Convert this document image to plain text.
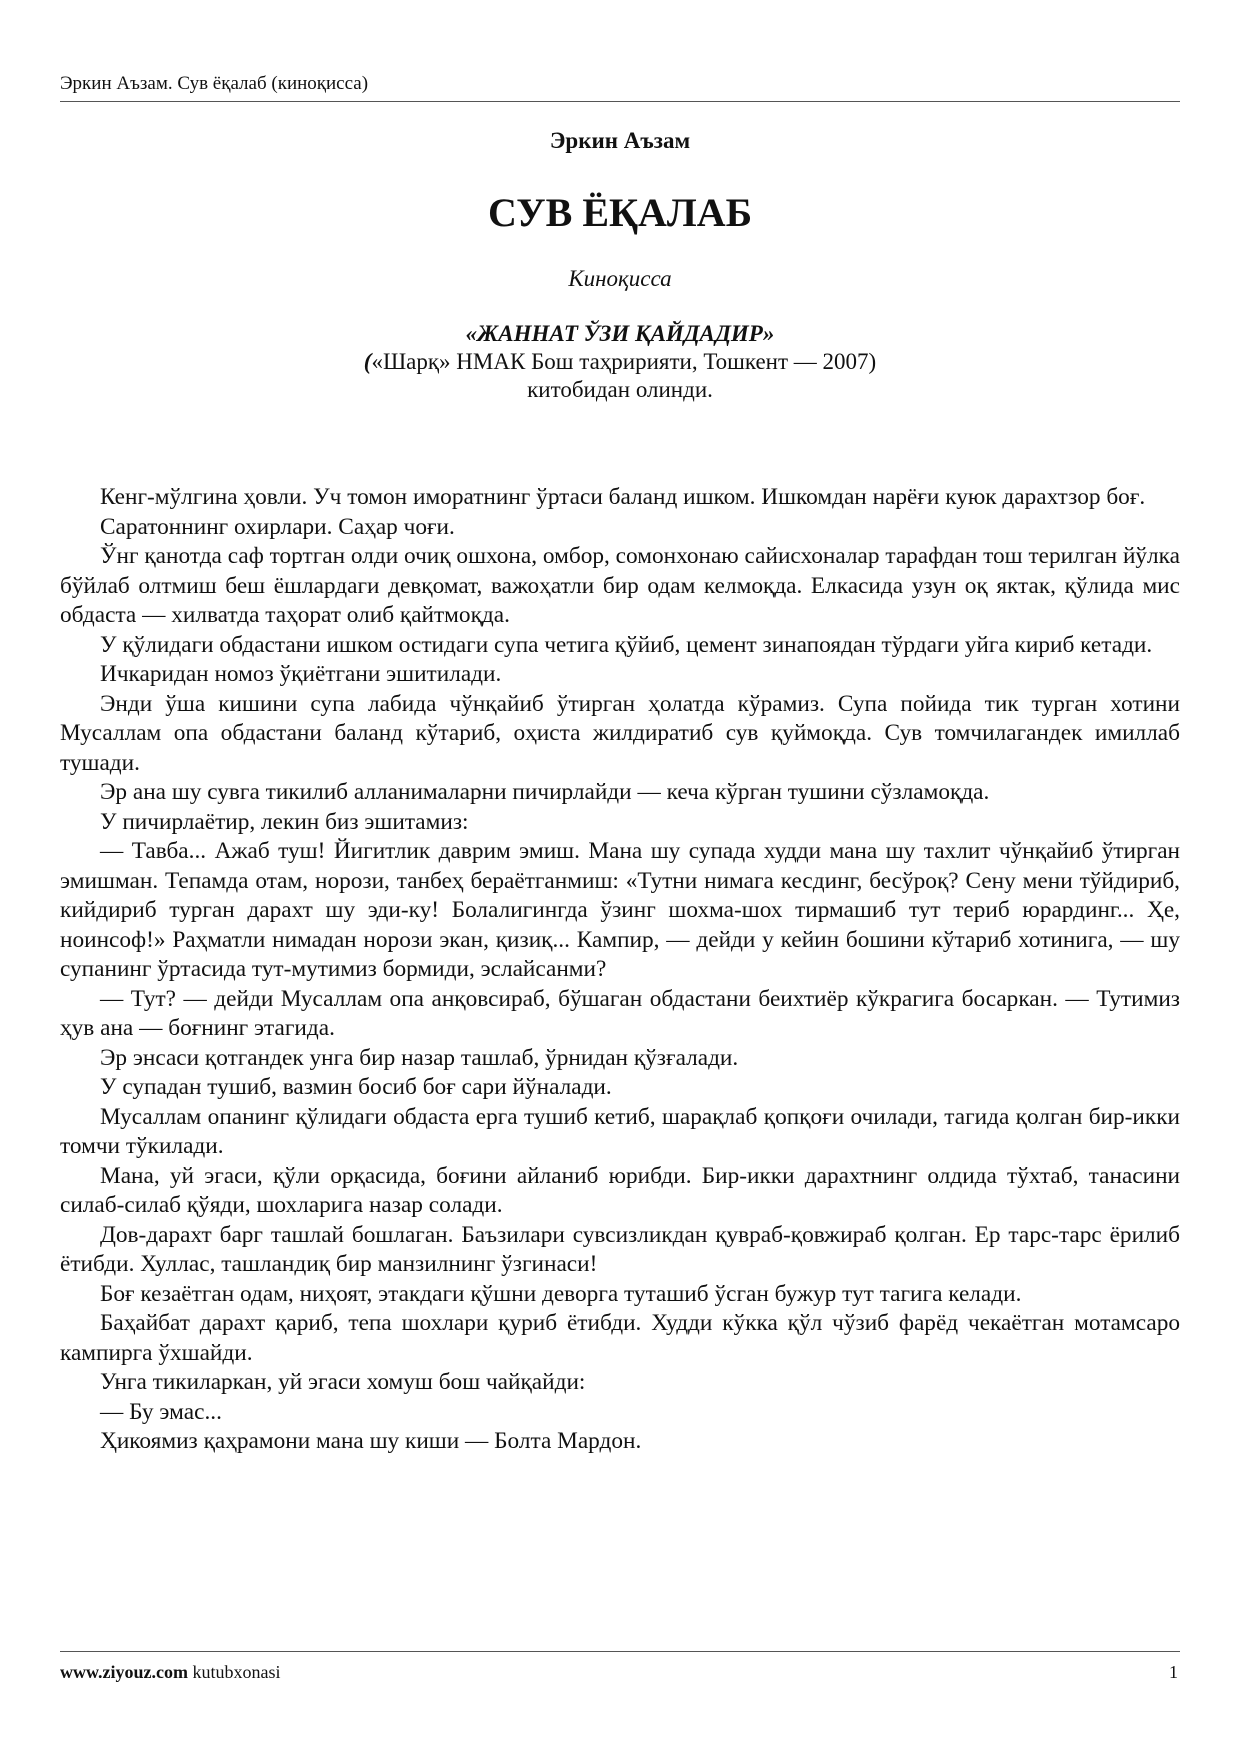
Эркин Аъзам. Сув ёқалаб (киноқисса)
Эркин Аъзам
СУВ ЁҚАЛАБ
Киноқисса
«ЖАННАТ ЎЗИ ҚАЙДАДИР»
(«Шарқ» НМАК Бош таҳририяти, Тошкент — 2007)
китобидан олинди.

Кенг-мўлгина ҳовли. Уч томон иморатнинг ўртаси баланд ишком. Ишкомдан нарёғи куюк дарахтзор боғ.

Саратоннинг охирлари. Саҳар чоғи.

Ўнг қанотда саф тортган олди очиқ ошхона, омбор, сомонхонаю сайисхоналар тарафдан тош терилган йўлка бўйлаб олтмиш беш ёшлардаги девқомат, важоҳатли бир одам келмоқда. Елкасида узун оқ яктак, қўлида мис обдаста — хилватда таҳорат олиб қайтмоқда.

У қўлидаги обдастани ишком остидаги супа четига қўйиб, цемент зинапоядан тўрдаги уйга кириб кетади.

Ичкаридан номоз ўқиётгани эшитилади.

Энди ўша кишини супа лабида чўнқайиб ўтирган ҳолатда кўрамиз. Супа пойида тик турган хотини Мусаллам опа обдастани баланд кўтариб, оҳиста жилдиратиб сув қуймоқда. Сув томчилагандек имиллаб тушади.

Эр ана шу сувга тикилиб алланималарни пичирлайди — кеча кўрган тушини сўзламоқда.

У пичирлаётир, лекин биз эшитамиз:

— Тавба... Ажаб туш! Йигитлик даврим эмиш. Мана шу супада худди мана шу тахлит чўнқайиб ўтирган эмишман. Тепамда отам, норози, танбеҳ бераётганмиш: «Тутни нимага кесдинг, бесўроқ? Сену мени тўйдириб, кийдириб турган дарахт шу эди-ку! Болалигингда ўзинг шохма-шох тирмашиб тут териб юрардинг... Ҳе, ноинсоф!» Раҳматли нимадан норози экан, қизиқ... Кампир, — дейди у кейин бошини кўтариб хотинига, — шу супанинг ўртасида тут-мутимиз бормиди, эслайсанми?

— Тут? — дейди Мусаллам опа анқовсираб, бўшаган обдастани беихтиёр кўкрагига босаркан. — Тутимиз ҳув ана — боғнинг этагида.

Эр энсаси қотгандек унга бир назар ташлаб, ўрнидан қўзғалади.

У супадан тушиб, вазмин босиб боғ сари йўналади.

Мусаллам опанинг қўлидаги обдаста ерга тушиб кетиб, шарақлаб қопқоғи очилади, тагида қолган бир-икки томчи тўкилади.

Мана, уй эгаси, қўли орқасида, боғини айланиб юрибди. Бир-икки дарахтнинг олдида тўхтаб, танасини силаб-силаб қўяди, шохларига назар солади.

Дов-дарахт барг ташлай бошлаган. Баъзилари сувсизликдан қувраб-қовжираб қолган. Ер тарс-тарс ёрилиб ётибди. Хуллас, ташландиқ бир манзилнинг ўзгинаси!

Боғ кезаётган одам, ниҳоят, этакдаги қўшни деворга туташиб ўсган бужур тут тагига келади.

Баҳайбат дарахт қариб, тепа шохлари қуриб ётибди. Худди кўкка қўл чўзиб фарёд чекаётган мотамсаро кампирга ўхшайди.

Унга тикиларкан, уй эгаси хомуш бош чайқайди:

— Бу эмас...

Ҳикоямиз қаҳрамони мана шу киши — Болта Мардон.

www.ziyouz.com kutubxonasi	1
